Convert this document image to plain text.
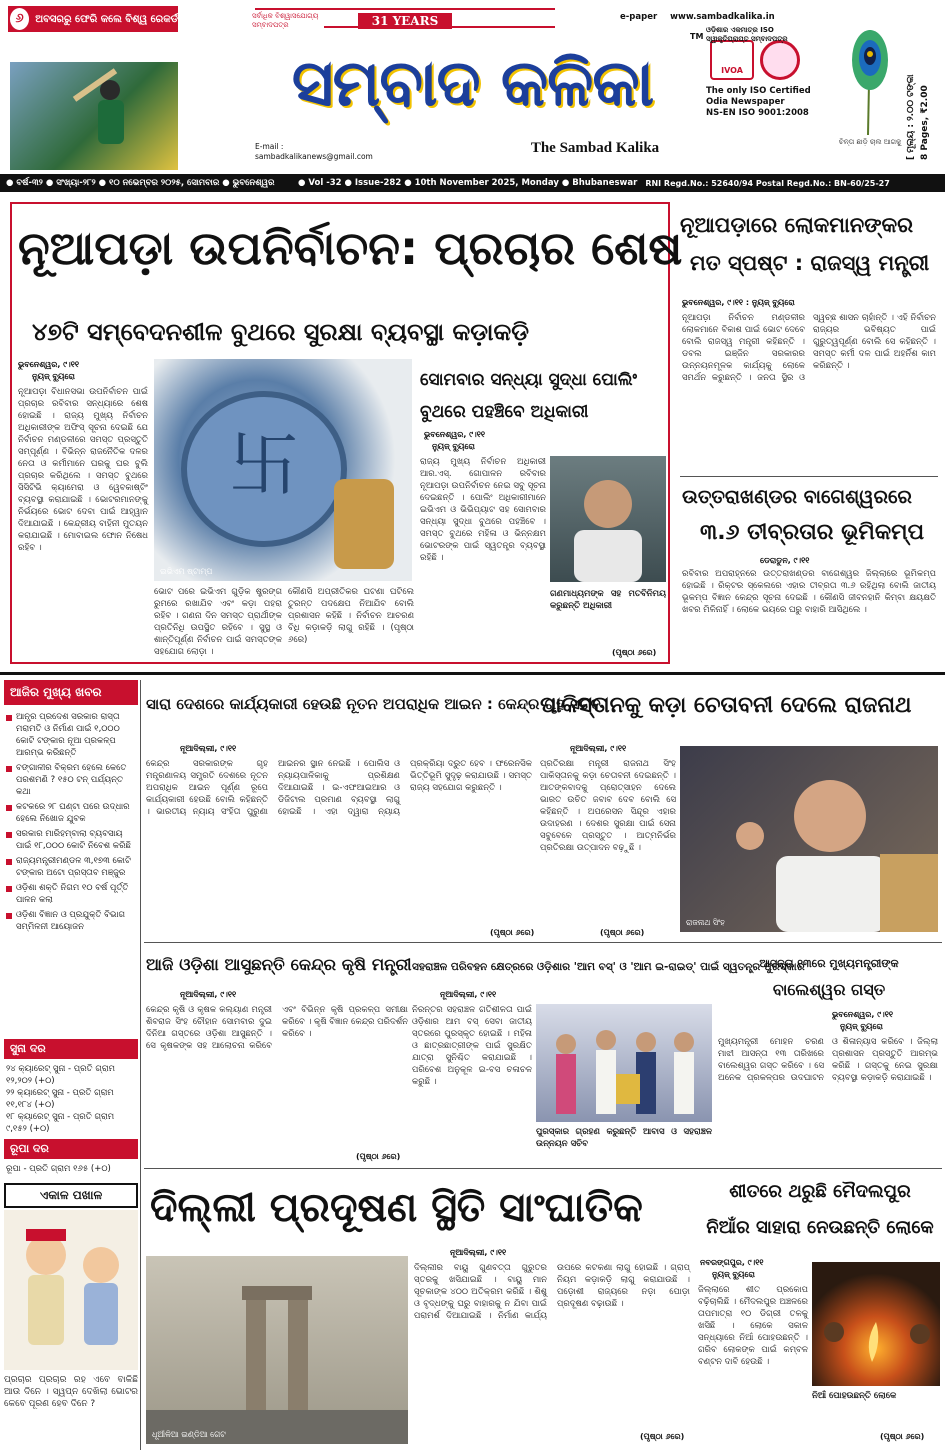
୬	ଅବସରରୁ ଫେରି କଲେ ବିଶ୍ୱ ରେକର୍ଡ	31 YEARS
ସର୍ବାଧିକ ବିଶ୍ୱାସଯୋଗ୍ୟ ସମ୍ବାଦପତ୍ର
ସମ୍ବାଦ କଳିକା
E-mail :
sambadkalikanews@gmail.com
The Sambad Kalika
TM
e-paper www.sambadkalika.in
IVOA
ଓଡ଼ିଶାର ଏକମାତ୍ର ISO ସ୍ୱୀକୃତିପ୍ରାପ୍ତ ସମ୍ବାଦପତ୍ର
The only ISO Certified
Odia Newspaper
NS-EN ISO 9001:2008
ଚିନ୍ତା ଛାଡ଼ି ଚାଲ ଆଗକୁ [ ମୂଲ୍ୟ : ୨.୦୦ ଟଙ୍କା 8 Pages, ₹2.00
● ବର୍ଷ-୩୨ ● ସଂଖ୍ୟା-୨୮୨ ● ୧୦ ନଭେମ୍ବର ୨୦୨୫, ସୋମବାର ● ଭୁବନେଶ୍ୱର	● Vol -32 ● Issue-282 ● 10th November 2025, Monday ● Bhubaneswar RNI Regd.No.: 52640/94 Postal Regd.No.: BN-60/25-27
ନୂଆପଡ଼ା ଉପନିର୍ବାଚନ: ପ୍ରଚାର ଶେଷ
୪୭ଟି ସମ୍ବେଦନଶୀଳ ବୁଥରେ ସୁରକ୍ଷା ବ୍ୟବସ୍ଥା କଡ଼ାକଡ଼ି
ଭୁବନେଶ୍ୱର, ୯।୧୧
ନ୍ୟୁଜ୍ ବ୍ୟୁରୋ
ନୂଆପଡ଼ା ବିଧାନସଭା ଉପନିର୍ବାଚନ ପାଇଁ ପ୍ରଚାର ରବିବାର ସନ୍ଧ୍ୟାରେ ଶେଷ ହୋଇଛି । ରାଜ୍ୟ ମୁଖ୍ୟ ନିର୍ବାଚନ ଅଧିକାରୀଙ୍କ ଅଫିସ୍ ସୂଚନା ଦେଇଛି ଯେ ନିର୍ବାଚନ ମଣ୍ଡଳୀରେ ସମସ୍ତ ପ୍ରସ୍ତୁତି ସମ୍ପୂର୍ଣ୍ଣ । ବିଭିନ୍ନ ରାଜନୈତିକ ଦଳର ନେତା ଓ କର୍ମୀମାନେ ଘରକୁ ଘର ବୁଲି ପ୍ରଚାର କରିଥିଲେ । ସମସ୍ତ ବୁଥରେ ସିସିଟିଭି କ୍ୟାମେରା ଓ ୱେବକାଷ୍ଟିଂ ବ୍ୟବସ୍ଥା କରାଯାଇଛି । ଭୋଟରମାନଙ୍କୁ ନିର୍ଭୟରେ ଭୋଟ ଦେବା ପାଇଁ ଆହ୍ୱାନ ଦିଆଯାଇଛି । କେନ୍ଦ୍ରୀୟ ବାହିନୀ ମୁତୟନ କରାଯାଇଛି । ମୋବାଇଲ ଫୋନ ନିଷେଧ ରହିବ ।
卐
ଇଭିଏମ ଷ୍ଟାମ୍ପ
ଭୋଟ ପରେ ଇଭିଏମ ଗୁଡ଼ିକ ଷ୍ଟ୍ରଙ୍ଗ ରୁମରେ ରଖାଯିବ ଏବଂ କଡ଼ା ପହରା ରହିବ । ଗଣନା ଦିନ ସମସ୍ତ ପ୍ରାର୍ଥୀଙ୍କ ପ୍ରତିନିଧି ଉପସ୍ଥିତ ରହିବେ । ସୁସ୍ଥ ଓ ଶାନ୍ତିପୂର୍ଣ୍ଣ ନିର୍ବାଚନ ପାଇଁ ସମସ୍ତଙ୍କ ସହଯୋଗ ଲୋଡ଼ା ।
କୌଣସି ଅପ୍ରୀତିକର ଘଟଣା ଘଟିଲେ ତୁରନ୍ତ ପଦକ୍ଷେପ ନିଆଯିବ ବୋଲି ପ୍ରଶାସନ କହିଛି । ନିର୍ବାଚନ ଆଚରଣ ବିଧି କଡ଼ାକଡ଼ି ଲାଗୁ ରହିଛି । (ପୃଷ୍ଠା ୬ରେ)
ସୋମବାର ସନ୍ଧ୍ୟା ସୁଦ୍ଧା ପୋଲିଂ
ବୁଥରେ ପହଞ୍ଚିବେ ଅଧିକାରୀ
ଭୁବନେଶ୍ୱର, ୯।୧୧
ନ୍ୟୁଜ୍ ବ୍ୟୁରୋ
ରାଜ୍ୟ ମୁଖ୍ୟ ନିର୍ବାଚନ ଅଧିକାରୀ ଆର.ଏସ୍. ଗୋପାଳନ ରବିବାର ନୂଆପଡ଼ା ଉପନିର୍ବାଚନ ନେଇ ସବୁ ସୂଚନା ଦେଇଛନ୍ତି । ପୋଲିଂ ଅଧିକାରୀମାନେ ଇଭିଏମ ଓ ଭିଭିପ୍ୟାଟ ସହ ସୋମବାର ସନ୍ଧ୍ୟା ସୁଦ୍ଧା ବୁଥରେ ପହଞ୍ଚିବେ । ସମସ୍ତ ବୁଥରେ ମହିଳା ଓ ଭିନ୍ନକ୍ଷମ ଭୋଟରଙ୍କ ପାଇଁ ସ୍ୱତନ୍ତ୍ର ବ୍ୟବସ୍ଥା ରହିଛି ।
ଗଣମାଧ୍ୟମଙ୍କ ସହ ମତବିନିମୟ କରୁଛନ୍ତି ଅଧିକାରୀ
(ପୃଷ୍ଠା ୬ରେ)
ନୂଆପଡ଼ାରେ ଲୋକମାନଙ୍କର
ମତ ସ୍ପଷ୍ଟ : ରାଜସ୍ୱ ମନ୍ତ୍ରୀ
ଭୁବନେଶ୍ୱର, ୯।୧୧ : ନ୍ୟୁଜ୍ ବ୍ୟୁରୋ
ନୂଆପଡ଼ା ନିର୍ବାଚନ ମଣ୍ଡଳୀର ଲୋକମାନେ ବିକାଶ ପାଇଁ ଭୋଟ ଦେବେ ବୋଲି ରାଜସ୍ୱ ମନ୍ତ୍ରୀ କହିଛନ୍ତି । ଡବଲ ଇଞ୍ଜିନ ସରକାରର ଉନ୍ନୟନମୂଳକ କାର୍ଯ୍ୟକୁ ଲୋକେ ସମର୍ଥନ କରୁଛନ୍ତି । ଜନତା ସ୍ଥିର ଓ ସ୍ୱଚ୍ଛ ଶାସନ ଚାହାଁନ୍ତି । ଏହି ନିର୍ବାଚନ ରାଜ୍ୟର ଭବିଷ୍ୟତ ପାଇଁ ଗୁରୁତ୍ୱପୂର୍ଣ୍ଣ ବୋଲି ସେ କହିଛନ୍ତି । ସମସ୍ତ କର୍ମୀ ଦଳ ପାଇଁ ଅହର୍ନିଶ କାମ କରିଛନ୍ତି ।
ଉତ୍ତରାଖଣ୍ଡର ବାଗେଶ୍ୱରରେ
୩.୬ ତୀବ୍ରତାର ଭୂମିକମ୍ପ
ଡେରାଡୁନ, ୯।୧୧
ରବିବାର ଅପରାହ୍ନରେ ଉତ୍ତରାଖଣ୍ଡର ବାଗେଶ୍ୱର ଜିଲ୍ଲାରେ ଭୂମିକମ୍ପ ହୋଇଛି । ରିକ୍ଟର ସ୍କେଲରେ ଏହାର ତୀବ୍ରତା ୩.୬ ରହିଥିଲା ବୋଲି ଜାତୀୟ ଭୂକମ୍ପ ବିଜ୍ଞାନ କେନ୍ଦ୍ର ସୂଚନା ଦେଇଛି । କୌଣସି ଜୀବନହାନି କିମ୍ବା କ୍ଷୟକ୍ଷତି ଖବର ମିଳିନାହିଁ । ଲୋକେ ଭୟରେ ଘରୁ ବାହାରି ଆସିଥିଲେ ।
ଆଜିର ମୁଖ୍ୟ ଖବର
ଆନ୍ଧ୍ର ପ୍ରଦେଶ ସରକାର ରାସ୍ତା ମରାମତି ଓ ନିର୍ମାଣ ପାଇଁ ୧,୦୦୦ କୋଟି ଟଙ୍କାର ନୂଆ ପ୍ରକଳ୍ପ ଆରମ୍ଭ କରିଛନ୍ତି
ବଙ୍ଗାଳୀର ବିକ୍ରମ ହେଲେ କେତେ ପରଶମଣି ? ୧୫୦ ଟନ୍ ପର୍ଯ୍ୟନ୍ତ କଥା
କଟକରେ ୨୮ ଘଣ୍ଟା ପରେ ଉଦ୍ଧାର ହେଲେ ନିଖୋଜ ଯୁବକ
ସରକାର ମାରିହମ୍ବାଲା ବ୍ୟବସାୟ ପାଇଁ ୧୮,୦୦୦ କୋଟି ନିବେଶ କରିଛି
ରାଜ୍ୟମନ୍ତ୍ରୀମଣ୍ଡଳ ୩,୧୭୩ କୋଟି ଟଙ୍କାର ଅଟୋ ପ୍ରସ୍ତାବ ମଞ୍ଜୁର
ଓଡ଼ିଶା ଶକ୍ତି ନିଗମ ୧୦ ବର୍ଷ ପୂର୍ତ୍ତି ପାଳନ କଲା
ଓଡ଼ିଶା ବିଜ୍ଞାନ ଓ ପ୍ରଯୁକ୍ତି ବିଭାଗ ସମ୍ମିଳନୀ ଆୟୋଜନ
ସୁନା ଦର
୨୪ କ୍ୟାରେଟ୍ ସୁନା - ପ୍ରତି ଗ୍ରାମ
୧୨,୨୦୨ (+୦)
୨୨ କ୍ୟାରେଟ୍ ସୁନା - ପ୍ରତି ଗ୍ରାମ
୧୧,୧୮୪ (+୦)
୧୮ କ୍ୟାରେଟ୍ ସୁନା - ପ୍ରତି ଗ୍ରାମ
୯,୧୫୨ (+୦)
ରୂପା ଦର
ରୂପା - ପ୍ରତି ଗ୍ରାମ ୧୬୫ (+୦)
ଏକାଳ ପଖାଳ
ପ୍ରଚାର ପ୍ରଚାର ରହ ଏବେ ବାକିଛି ଆଉ ଦିନେ । ସ୍ୱପ୍ନ ଦେଖିଲା ଭୋଟର କେବେ ପୂରଣ ହେବ ଦିନେ ?
ସାରା ଦେଶରେ କାର୍ଯ୍ୟକାରୀ ହେଉଛି ନୂତନ ଅପରାଧିକ ଆଇନ : କେନ୍ଦ୍ର ଗୃହ ସଚିବ
ନୂଆଦିଲ୍ଲୀ, ୯।୧୧
କେନ୍ଦ୍ର ସରକାରଙ୍କ ଗୃହ ମନ୍ତ୍ରଣାଳୟ ସମ୍ପ୍ରତି ଦେଶରେ ନୂତନ ଅପରାଧିକ ଆଇନ ପୂର୍ଣ୍ଣ ରୂପେ କାର୍ଯ୍ୟକାରୀ ହେଉଛି ବୋଲି କହିଛନ୍ତି । ଭାରତୀୟ ନ୍ୟାୟ ସଂହିତା ପୁରୁଣା ଆଇନର ସ୍ଥାନ ନେଇଛି । ପୋଲିସ ଓ ନ୍ୟାୟପାଳିକାକୁ ପ୍ରଶିକ୍ଷଣ ଦିଆଯାଇଛି । ଇ-ଏଫଆଇଆର ଓ ଡିଜିଟାଲ ପ୍ରମାଣ ବ୍ୟବସ୍ଥା ଲାଗୁ ହୋଇଛି । ଏହା ଦ୍ୱାରା ନ୍ୟାୟ ପ୍ରକ୍ରିୟା ଦ୍ରୁତ ହେବ । ଫରେନସିକ ଭିତ୍ତିଭୂମି ସୁଦୃଢ଼ କରାଯାଉଛି । ସମସ୍ତ ରାଜ୍ୟ ସହଯୋଗ କରୁଛନ୍ତି ।
(ପୃଷ୍ଠା ୬ରେ)
ପାକିସ୍ତାନକୁ କଡ଼ା ଚେତାବନୀ ଦେଲେ ରାଜନାଥ
ନୂଆଦିଲ୍ଲୀ, ୯।୧୧
ପ୍ରତିରକ୍ଷା ମନ୍ତ୍ରୀ ରାଜନାଥ ସିଂହ ପାକିସ୍ତାନକୁ କଡ଼ା ଚେତାବନୀ ଦେଇଛନ୍ତି । ଆତଙ୍କବାଦକୁ ପ୍ରୋତ୍ସାହନ ଦେଲେ ଭାରତ ଉଚିତ ଜବାବ ଦେବ ବୋଲି ସେ କହିଛନ୍ତି । ଅପରେସନ ସିନ୍ଦୂର ଏହାର ଉଦାହରଣ । ଦେଶର ସୁରକ୍ଷା ପାଇଁ ସେନା ସବୁବେଳେ ପ୍ରସ୍ତୁତ । ଆତ୍ମନିର୍ଭର ପ୍ରତିରକ୍ଷା ଉତ୍ପାଦନ ବଢ଼ୁଛି ।
(ପୃଷ୍ଠା ୬ରେ)
ରାଜନାଥ ସିଂହ
ଆଜି ଓଡ଼ିଶା ଆସୁଛନ୍ତି କେନ୍ଦ୍ର କୃଷି ମନ୍ତ୍ରୀ
ନୂଆଦିଲ୍ଲୀ, ୯।୧୧
କେନ୍ଦ୍ର କୃଷି ଓ କୃଷକ କଲ୍ୟାଣ ମନ୍ତ୍ରୀ ଶିବରାଜ ସିଂହ ଚୌହାନ ସୋମବାର ଦୁଇ ଦିନିଆ ଗସ୍ତରେ ଓଡ଼ିଶା ଆସୁଛନ୍ତି । ସେ କୃଷକଙ୍କ ସହ ଆଲୋଚନା କରିବେ ଏବଂ ବିଭିନ୍ନ କୃଷି ପ୍ରକଳ୍ପ ସମୀକ୍ଷା କରିବେ । କୃଷି ବିଜ୍ଞାନ କେନ୍ଦ୍ର ପରିଦର୍ଶନ କରିବେ ।
(ପୃଷ୍ଠା ୬ରେ)
ସହରାଞ୍ଚଳ ପରିବହନ କ୍ଷେତ୍ରରେ ଓଡ଼ିଶାର 'ଆମ ବସ୍' ଓ 'ଆମ ଇ-ରାଇଡ୍' ପାଇଁ ସ୍ୱତନ୍ତ୍ର ପୁରସ୍କାର
ନୂଆଦିଲ୍ଲୀ, ୯।୧୧
ନିରନ୍ତର ସହରାଞ୍ଚଳ ଗତିଶୀଳତା ପାଇଁ ଓଡ଼ିଶାର ଆମ ବସ୍ ସେବା ଜାତୀୟ ସ୍ତରରେ ପୁରସ୍କୃତ ହୋଇଛି । ମହିଳା ଓ ଛାତ୍ରଛାତ୍ରୀଙ୍କ ପାଇଁ ସୁରକ୍ଷିତ ଯାତ୍ରା ସୁନିଶ୍ଚିତ କରାଯାଇଛି । ପରିବେଶ ଅନୁକୂଳ ଇ-ବସ ଚଳାଚଳ କରୁଛି ।
ପୁରସ୍କାର ଗ୍ରହଣ କରୁଛନ୍ତି ଆବାସ ଓ ସହରାଞ୍ଚଳ ଉନ୍ନୟନ ସଚିବ
ଆସନ୍ତା ୧୩ରେ ମୁଖ୍ୟମନ୍ତ୍ରୀଙ୍କ
ବାଲେଶ୍ୱର ଗସ୍ତ
ଭୁବନେଶ୍ୱର, ୯।୧୧
ନ୍ୟୁଜ୍ ବ୍ୟୁରୋ
ମୁଖ୍ୟମନ୍ତ୍ରୀ ମୋହନ ଚରଣ ମାଝୀ ଆସନ୍ତା ୧୩ ତାରିଖରେ ବାଲେଶ୍ୱର ଗସ୍ତ କରିବେ । ସେ ଅନେକ ପ୍ରକଳ୍ପର ଉଦଘାଟନ ଓ ଶିଳାନ୍ୟାସ କରିବେ । ଜିଲ୍ଲା ପ୍ରଶାସନ ପ୍ରସ୍ତୁତି ଆରମ୍ଭ କରିଛି । ଗସ୍ତକୁ ନେଇ ସୁରକ୍ଷା ବ୍ୟବସ୍ଥା କଡ଼ାକଡ଼ି କରାଯାଇଛି ।
ଦିଲ୍ଲୀ ପ୍ରଦୂଷଣ ସ୍ଥିତି ସାଂଘାତିକ
ଧୂଆଁଳିଆ ଇଣ୍ଡିଆ ଗେଟ
ନୂଆଦିଲ୍ଲୀ, ୯।୧୧
ଦିଲ୍ଲୀର ବାୟୁ ଗୁଣବତ୍ତା ଗୁରୁତର ସ୍ତରକୁ ଖସିଯାଇଛି । ବାୟୁ ମାନ ସୂଚକାଙ୍କ ୪୦୦ ଅତିକ୍ରମ କରିଛି । ଶିଶୁ ଓ ବୃଦ୍ଧଙ୍କୁ ଘରୁ ବାହାରକୁ ନ ଯିବା ପାଇଁ ପରାମର୍ଶ ଦିଆଯାଇଛି । ନିର୍ମାଣ କାର୍ଯ୍ୟ ଉପରେ କଟକଣା ଲାଗୁ ହୋଇଛି । ଗ୍ରାପ୍ ନିୟମ କଡ଼ାକଡ଼ି ଲାଗୁ କରାଯାଉଛି । ପଡ଼ୋଶୀ ରାଜ୍ୟରେ ନଡ଼ା ପୋଡ଼ା ପ୍ରଦୂଷଣ ବଢ଼ାଉଛି ।
(ପୃଷ୍ଠା ୬ରେ)
ଶୀତରେ ଥରୁଛି ମୈଦଲପୁର
ନିଆଁର ସାହାରା ନେଉଛନ୍ତି ଲୋକେ
ନବରଙ୍ଗପୁର, ୯।୧୧
ନ୍ୟୁଜ୍ ବ୍ୟୁରୋ
ଜିଲ୍ଲାରେ ଶୀତ ପ୍ରକୋପ ବଢ଼ିଚାଲିଛି । ମୈଦଲପୁର ଅଞ୍ଚଳରେ ତାପମାତ୍ରା ୧୦ ଡିଗ୍ରୀ ତଳକୁ ଖସିଛି । ଲୋକେ ସକାଳ ସନ୍ଧ୍ୟାରେ ନିଆଁ ପୋହଉଛନ୍ତି । ଗରିବ ଲୋକଙ୍କ ପାଇଁ କମ୍ବଳ ବଣ୍ଟନ ଦାବି ହେଉଛି ।
ନିଆଁ ପୋହଉଛନ୍ତି ଲୋକେ
(ପୃଷ୍ଠା ୬ରେ)
